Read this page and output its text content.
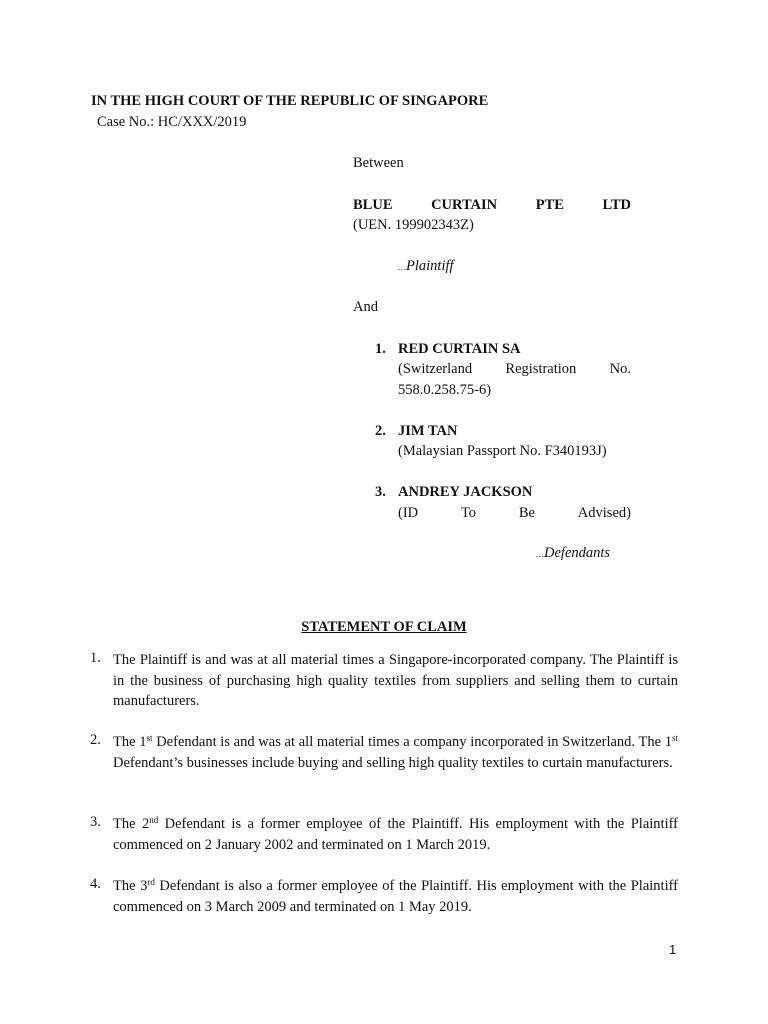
IN THE HIGH COURT OF THE REPUBLIC OF SINGAPORE
Case No.: HC/XXX/2019
Between
BLUE	CURTAIN	PTE	LTD
(UEN. 199902343Z)
…Plaintiff
And
1. RED CURTAIN SA
(Switzerland Registration No.
558.0.258.75-6)
2. JIM TAN
(Malaysian Passport No. F340193J)
3. ANDREY JACKSON
(ID	To	Be	Advised)
…Defendants
STATEMENT OF CLAIM
1. The Plaintiff is and was at all material times a Singapore-incorporated company. The Plaintiff is in the business of purchasing high quality textiles from suppliers and selling them to curtain manufacturers.
2. The 1st Defendant is and was at all material times a company incorporated in Switzerland. The 1st Defendant’s businesses include buying and selling high quality textiles to curtain manufacturers.
3. The 2nd Defendant is a former employee of the Plaintiff. His employment with the Plaintiff commenced on 2 January 2002 and terminated on 1 March 2019.
4. The 3rd Defendant is also a former employee of the Plaintiff. His employment with the Plaintiff commenced on 3 March 2009 and terminated on 1 May 2019.
1
